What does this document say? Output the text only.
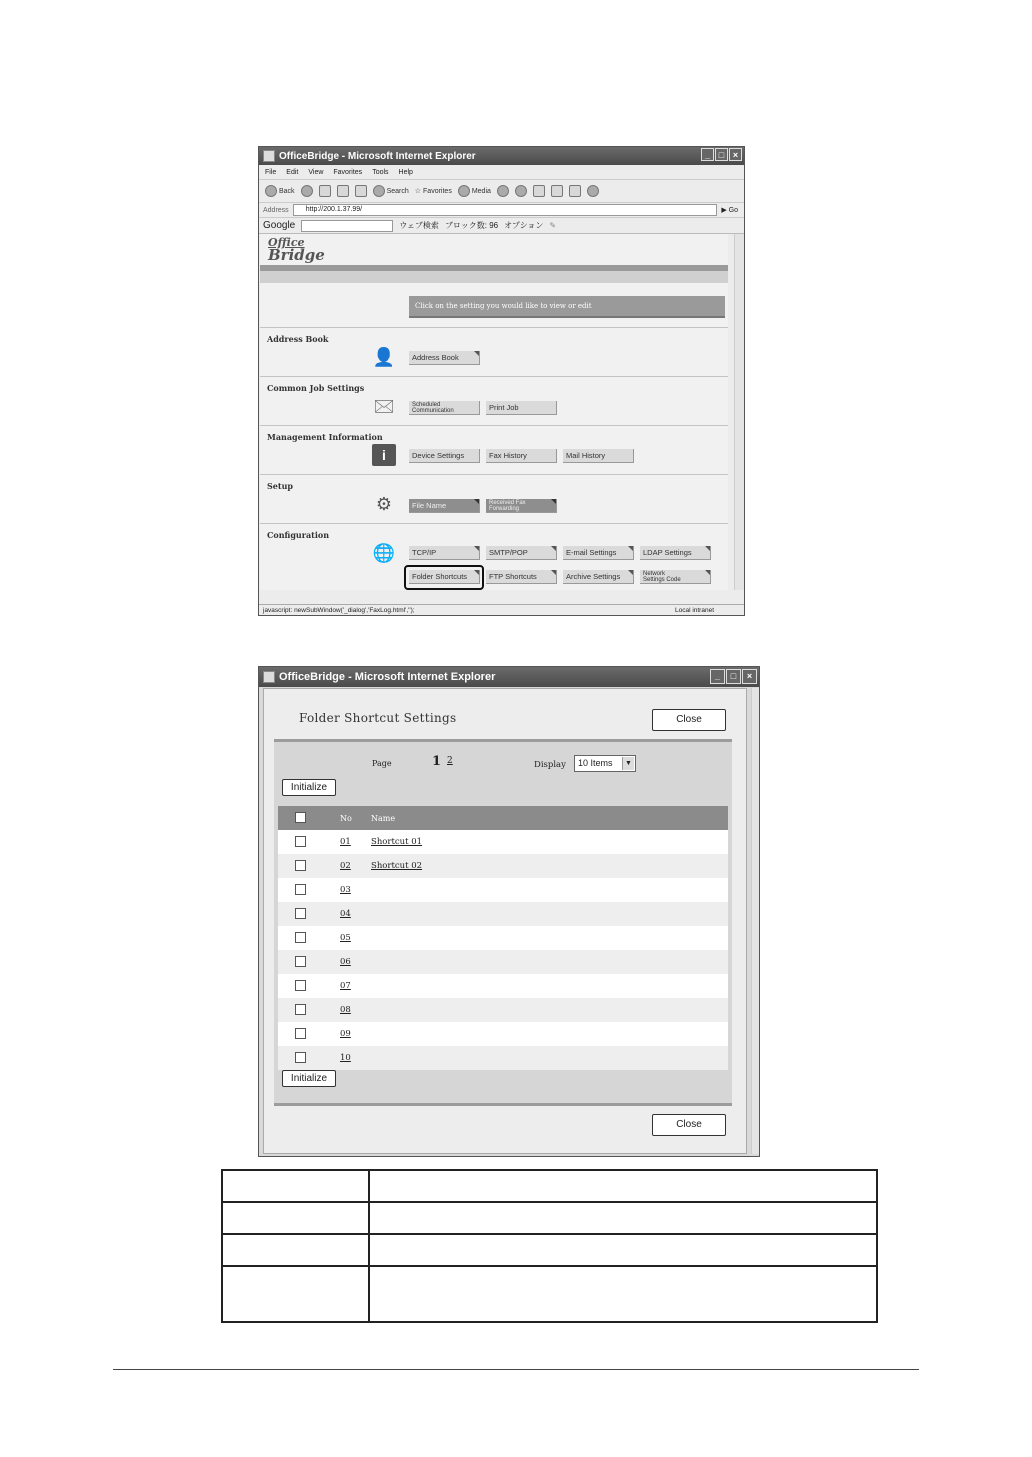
OfficeBridge - Microsoft Internet Explorer	_ □ ×
File Edit View Favorites Tools Help
Back	Search ☆ Favorites	Media
Address	http://200.1.37.99/	▶ Go
Google	ウェブ検索 ブロック数: 96 オプション ✎
Office
Bridge
Click on the setting you would like to view or edit
Address Book
👤	Address Book
Common Job Settings
🖂	Scheduled
Communication	Print Job
Management Information
i	Device Settings	Fax History	Mail History
Setup
⚙	File Name	Received Fax
Forwarding
Configuration
🌐	TCP/IP	SMTP/POP	E-mail Settings	LDAP Settings
Folder Shortcuts	FTP Shortcuts	Archive Settings	Network
Settings Code
javascript: newSubWindow('_dialog','FaxLog.html','');	Local intranet
OfficeBridge - Microsoft Internet Explorer	_	□	×
Folder Shortcut Settings	Close
Page	1 2	Display	10 Items	▼
Initialize
No Name
01 Shortcut 01
02 Shortcut 02
03
04
05
06
07
08
09
10
Initialize
Close
